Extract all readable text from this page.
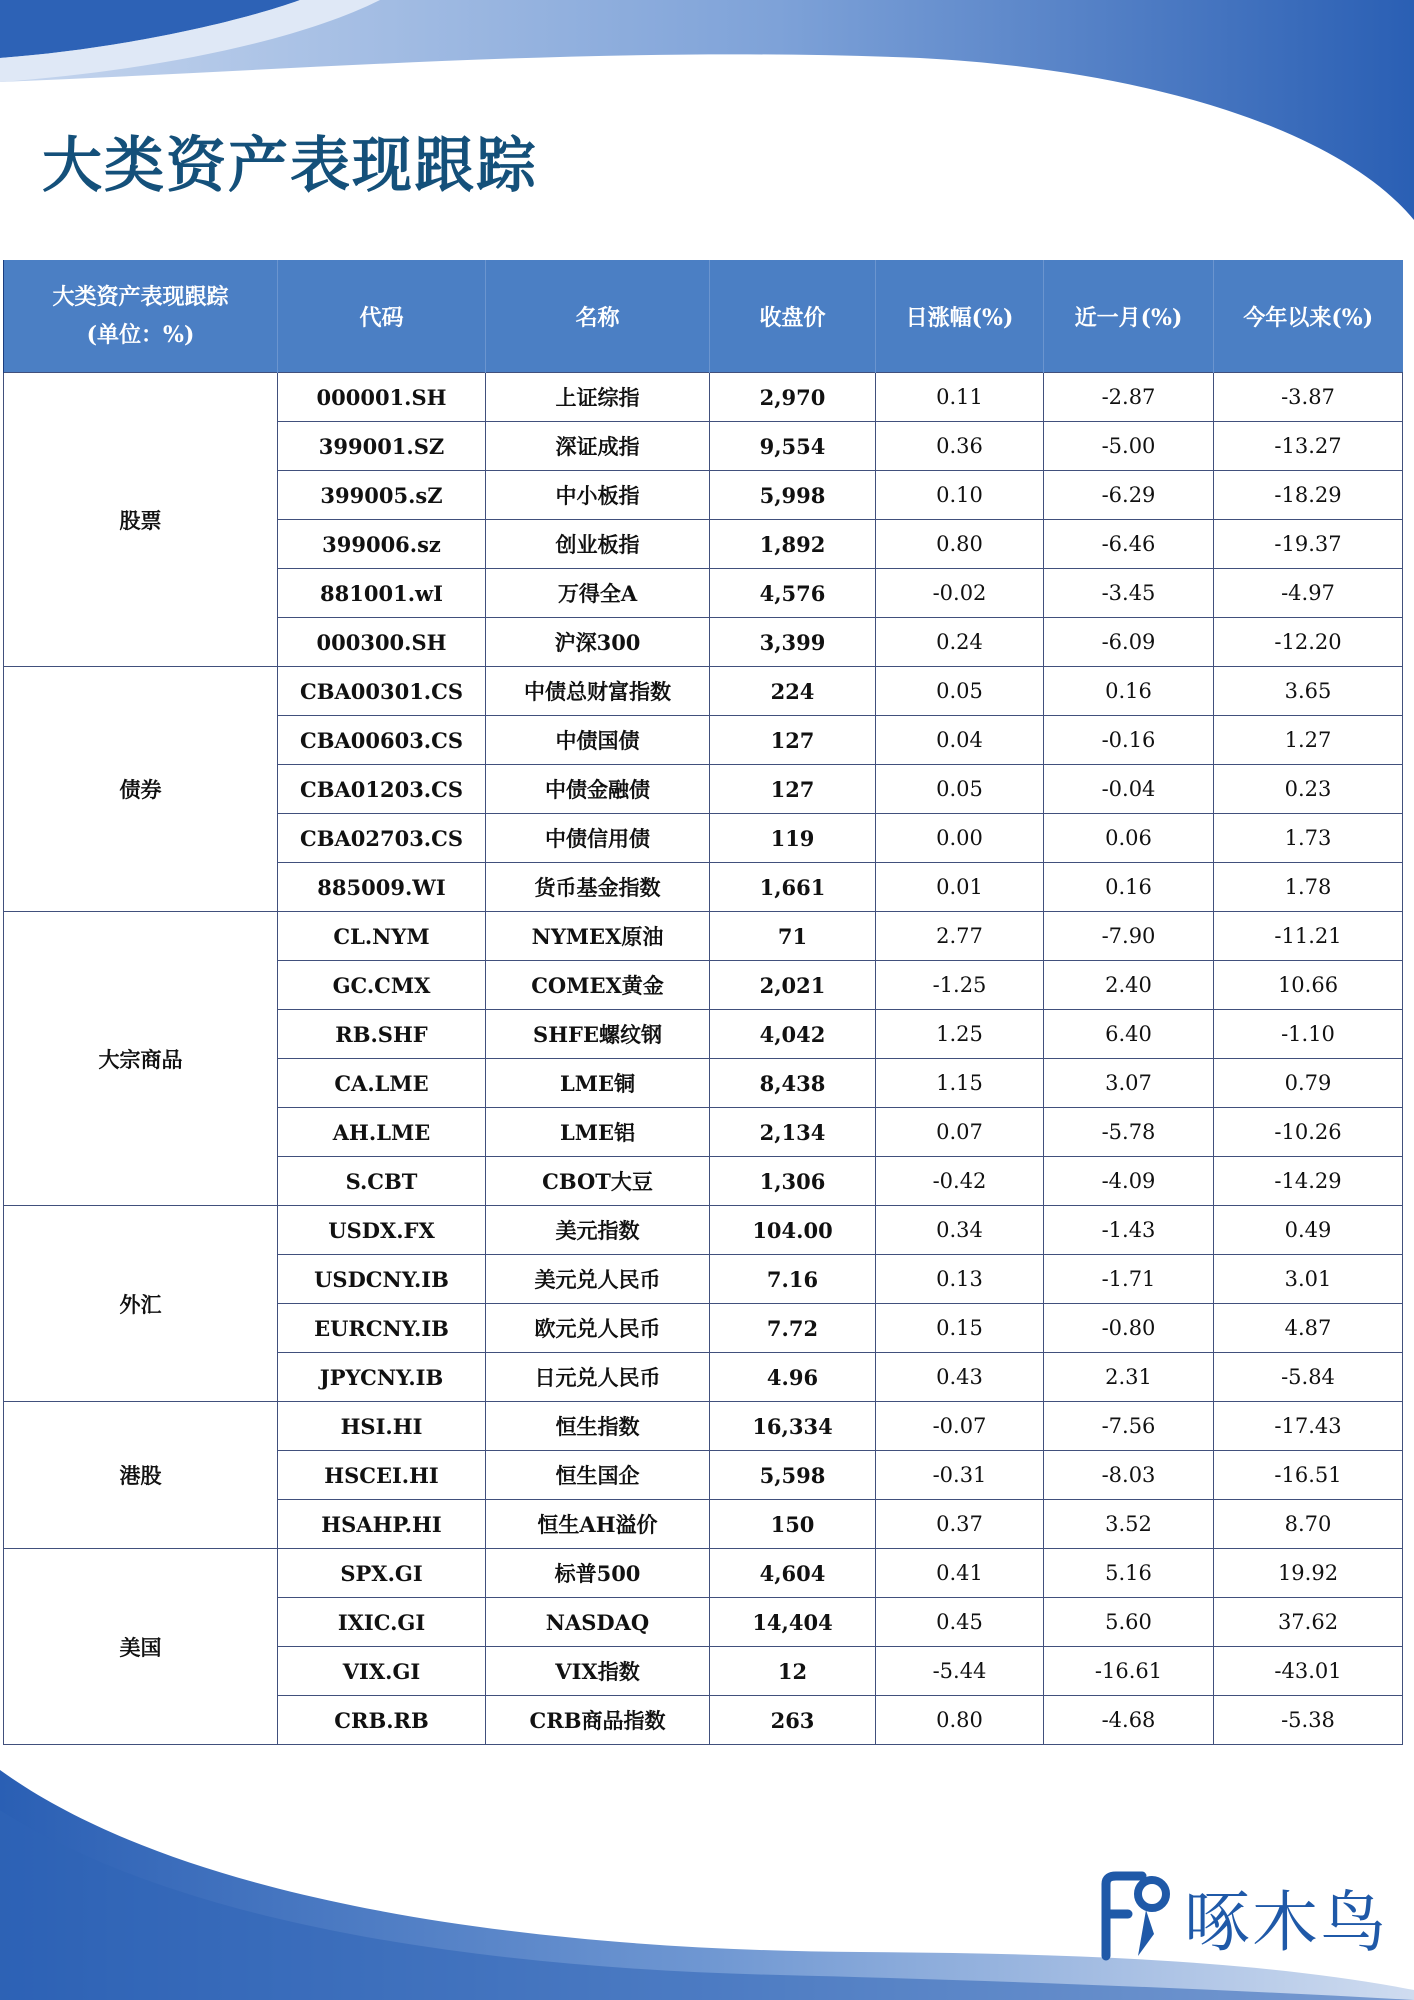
大类资产表现跟踪
大类资产表现跟踪
(单位：%)	代码	名称	收盘价	日涨幅(%)	近一月(%)	今年以来(%)
股票	000001.SH	上证综指	2,970	0.11	-2.87	-3.87
	399001.SZ	深证成指	9,554	0.36	-5.00	-13.27
	399005.sZ	中小板指	5,998	0.10	-6.29	-18.29
	399006.sz	创业板指	1,892	0.80	-6.46	-19.37
	881001.wI	万得全A	4,576	-0.02	-3.45	-4.97
	000300.SH	沪深300	3,399	0.24	-6.09	-12.20
债券	CBA00301.CS	中债总财富指数	224	0.05	0.16	3.65
	CBA00603.CS	中债国债	127	0.04	-0.16	1.27
	CBA01203.CS	中债金融债	127	0.05	-0.04	0.23
	CBA02703.CS	中债信用债	119	0.00	0.06	1.73
	885009.WI	货币基金指数	1,661	0.01	0.16	1.78
大宗商品	CL.NYM	NYMEX原油	71	2.77	-7.90	-11.21
	GC.CMX	COMEX黄金	2,021	-1.25	2.40	10.66
	RB.SHF	SHFE螺纹钢	4,042	1.25	6.40	-1.10
	CA.LME	LME铜	8,438	1.15	3.07	0.79
	AH.LME	LME铝	2,134	0.07	-5.78	-10.26
	S.CBT	CBOT大豆	1,306	-0.42	-4.09	-14.29
外汇	USDX.FX	美元指数	104.00	0.34	-1.43	0.49
	USDCNY.IB	美元兑人民币	7.16	0.13	-1.71	3.01
	EURCNY.IB	欧元兑人民币	7.72	0.15	-0.80	4.87
	JPYCNY.IB	日元兑人民币	4.96	0.43	2.31	-5.84
港股	HSI.HI	恒生指数	16,334	-0.07	-7.56	-17.43
	HSCEI.HI	恒生国企	5,598	-0.31	-8.03	-16.51
	HSAHP.HI	恒生AH溢价	150	0.37	3.52	8.70
美国	SPX.GI	标普500	4,604	0.41	5.16	19.92
	IXIC.GI	NASDAQ	14,404	0.45	5.60	37.62
	VIX.GI	VIX指数	12	-5.44	-16.61	-43.01
	CRB.RB	CRB商品指数	263	0.80	-4.68	-5.38
啄木鸟
